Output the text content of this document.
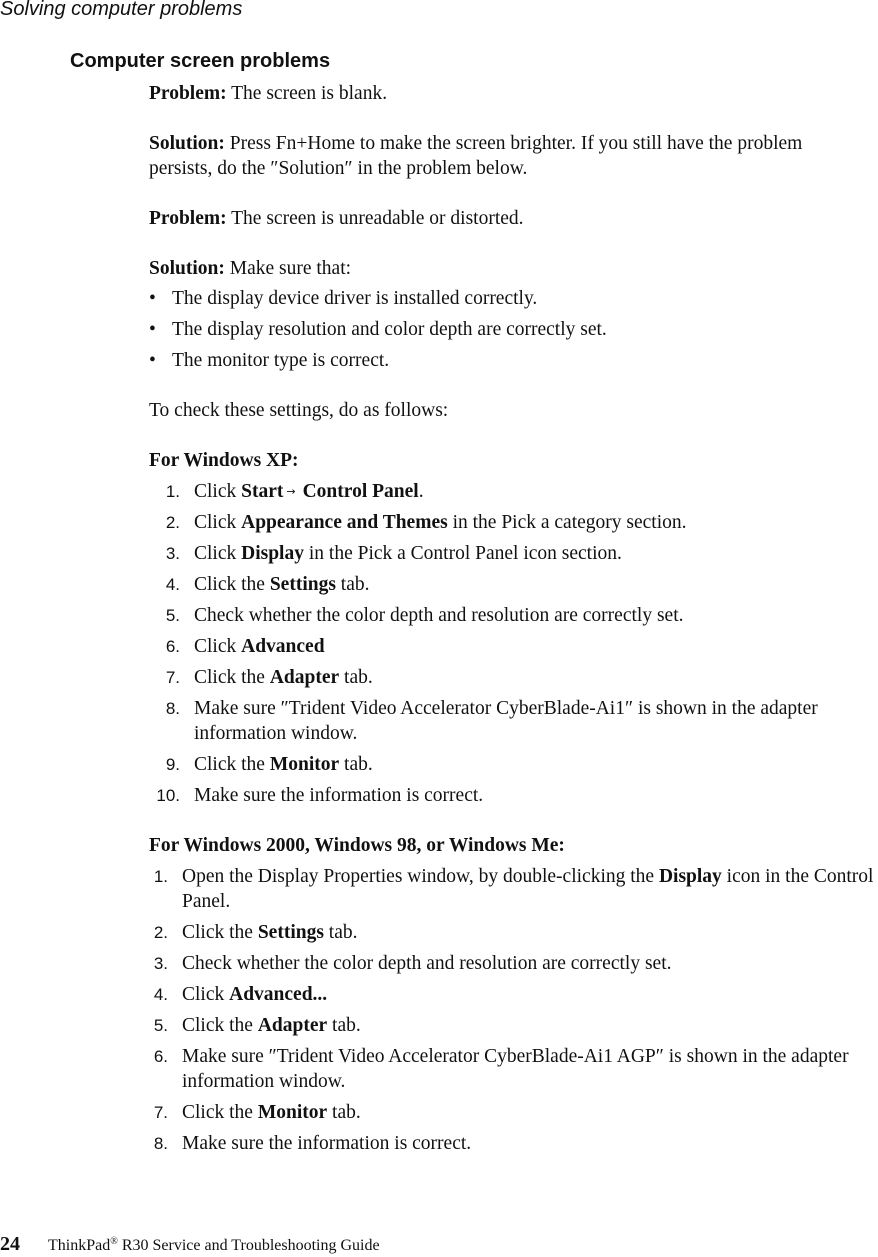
Solving computer problems
Computer screen problems

Problem: The screen is blank.

Solution: Press Fn+Home to make the screen brighter. If you still have the problem persists, do the ″Solution″ in the problem below.

Problem: The screen is unreadable or distorted.

Solution: Make sure that:

• The display device driver is installed correctly.
• The display resolution and color depth are correctly set.
• The monitor type is correct.

To check these settings, do as follows:

For Windows XP:
1. Click Start → Control Panel.
2. Click Appearance and Themes in the Pick a category section.
3. Click Display in the Pick a Control Panel icon section.
4. Click the Settings tab.
5. Check whether the color depth and resolution are correctly set.
6. Click Advanced
7. Click the Adapter tab.
8. Make sure ″Trident Video Accelerator CyberBlade-Ai1″ is shown in the adapter information window.
9. Click the Monitor tab.
10. Make sure the information is correct.
For Windows 2000, Windows 98, or Windows Me:
1. Open the Display Properties window, by double-clicking the Display icon in the Control Panel.
2. Click the Settings tab.
3. Check whether the color depth and resolution are correctly set.
4. Click Advanced...
5. Click the Adapter tab.
6. Make sure ″Trident Video Accelerator CyberBlade-Ai1 AGP″ is shown in the adapter information window.
7. Click the Monitor tab.
8. Make sure the information is correct.
24 ThinkPad® R30 Service and Troubleshooting Guide
